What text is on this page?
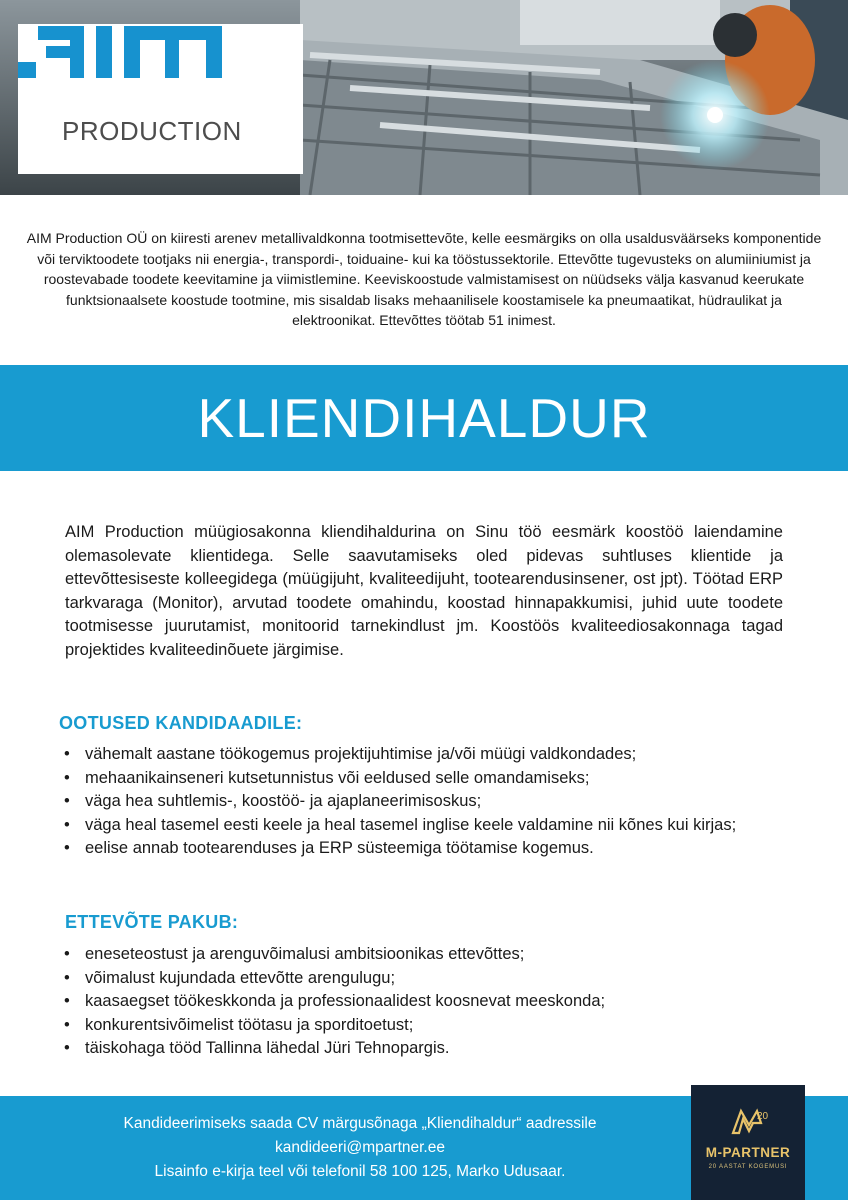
PRODUCTION
AIM Production OÜ on kiiresti arenev metallivaldkonna tootmisettevõte, kelle eesmärgiks on olla usaldusväärseks komponentide või terviktoodete tootjaks nii energia-, transpordi-, toiduaine- kui ka tööstussektorile. Ettevõtte tugevusteks on alumiiniumist ja roostevabade toodete keevitamine ja viimistlemine. Keeviskoostude valmistamisest on nüüdseks välja kasvanud keerukate funktsionaalsete koostude tootmine, mis sisaldab lisaks mehaanilisele koostamisele ka pneumaatikat, hüdraulikat ja elektroonikat. Ettevõttes töötab 51 inimest.
KLIENDIHALDUR
AIM Production müügiosakonna kliendihaldurina on Sinu töö eesmärk koostöö laiendamine olemasolevate klientidega. Selle saavutamiseks oled pidevas suhtluses klientide ja ettevõttesiseste kolleegidega (müügijuht, kvaliteedijuht, tootearendusinsener, ost jpt). Töötad ERP tarkvaraga (Monitor), arvutad toodete omahindu, koostad hinnapakkumisi, juhid uute toodete tootmisesse juurutamist, monitoorid tarnekindlust jm. Koostöös kvaliteediosakonnaga tagad projektides kvaliteedinõuete järgimise.
OOTUSED KANDIDAADILE:
• vähemalt aastane töökogemus projektijuhtimise ja/või müügi valdkondades;
• mehaanikainseneri kutsetunnistus või eeldused selle omandamiseks;
• väga hea suhtlemis-, koostöö- ja ajaplaneerimisoskus;
• väga heal tasemel eesti keele ja heal tasemel inglise keele valdamine nii kõnes kui kirjas;
• eelise annab tootearenduses ja ERP süsteemiga töötamise kogemus.
ETTEVÕTE PAKUB:
• eneseteostust ja arenguvõimalusi ambitsioonikas ettevõttes;
• võimalust kujundada ettevõtte arengulugu;
• kaasaegset töökeskkonda ja professionaalidest koosnevat meeskonda;
• konkurentsivõimelist töötasu ja sporditoetust;
• täiskohaga tööd Tallinna lähedal Jüri Tehnopargis.
Kandideerimiseks saada CV märgusõnaga „Kliendihaldur“ aadressile
kandideeri@mpartner.ee
Lisainfo e-kirja teel või telefonil 58 100 125, Marko Udusaar.
20
M-PARTNER
20 AASTAT KOGEMUSI
